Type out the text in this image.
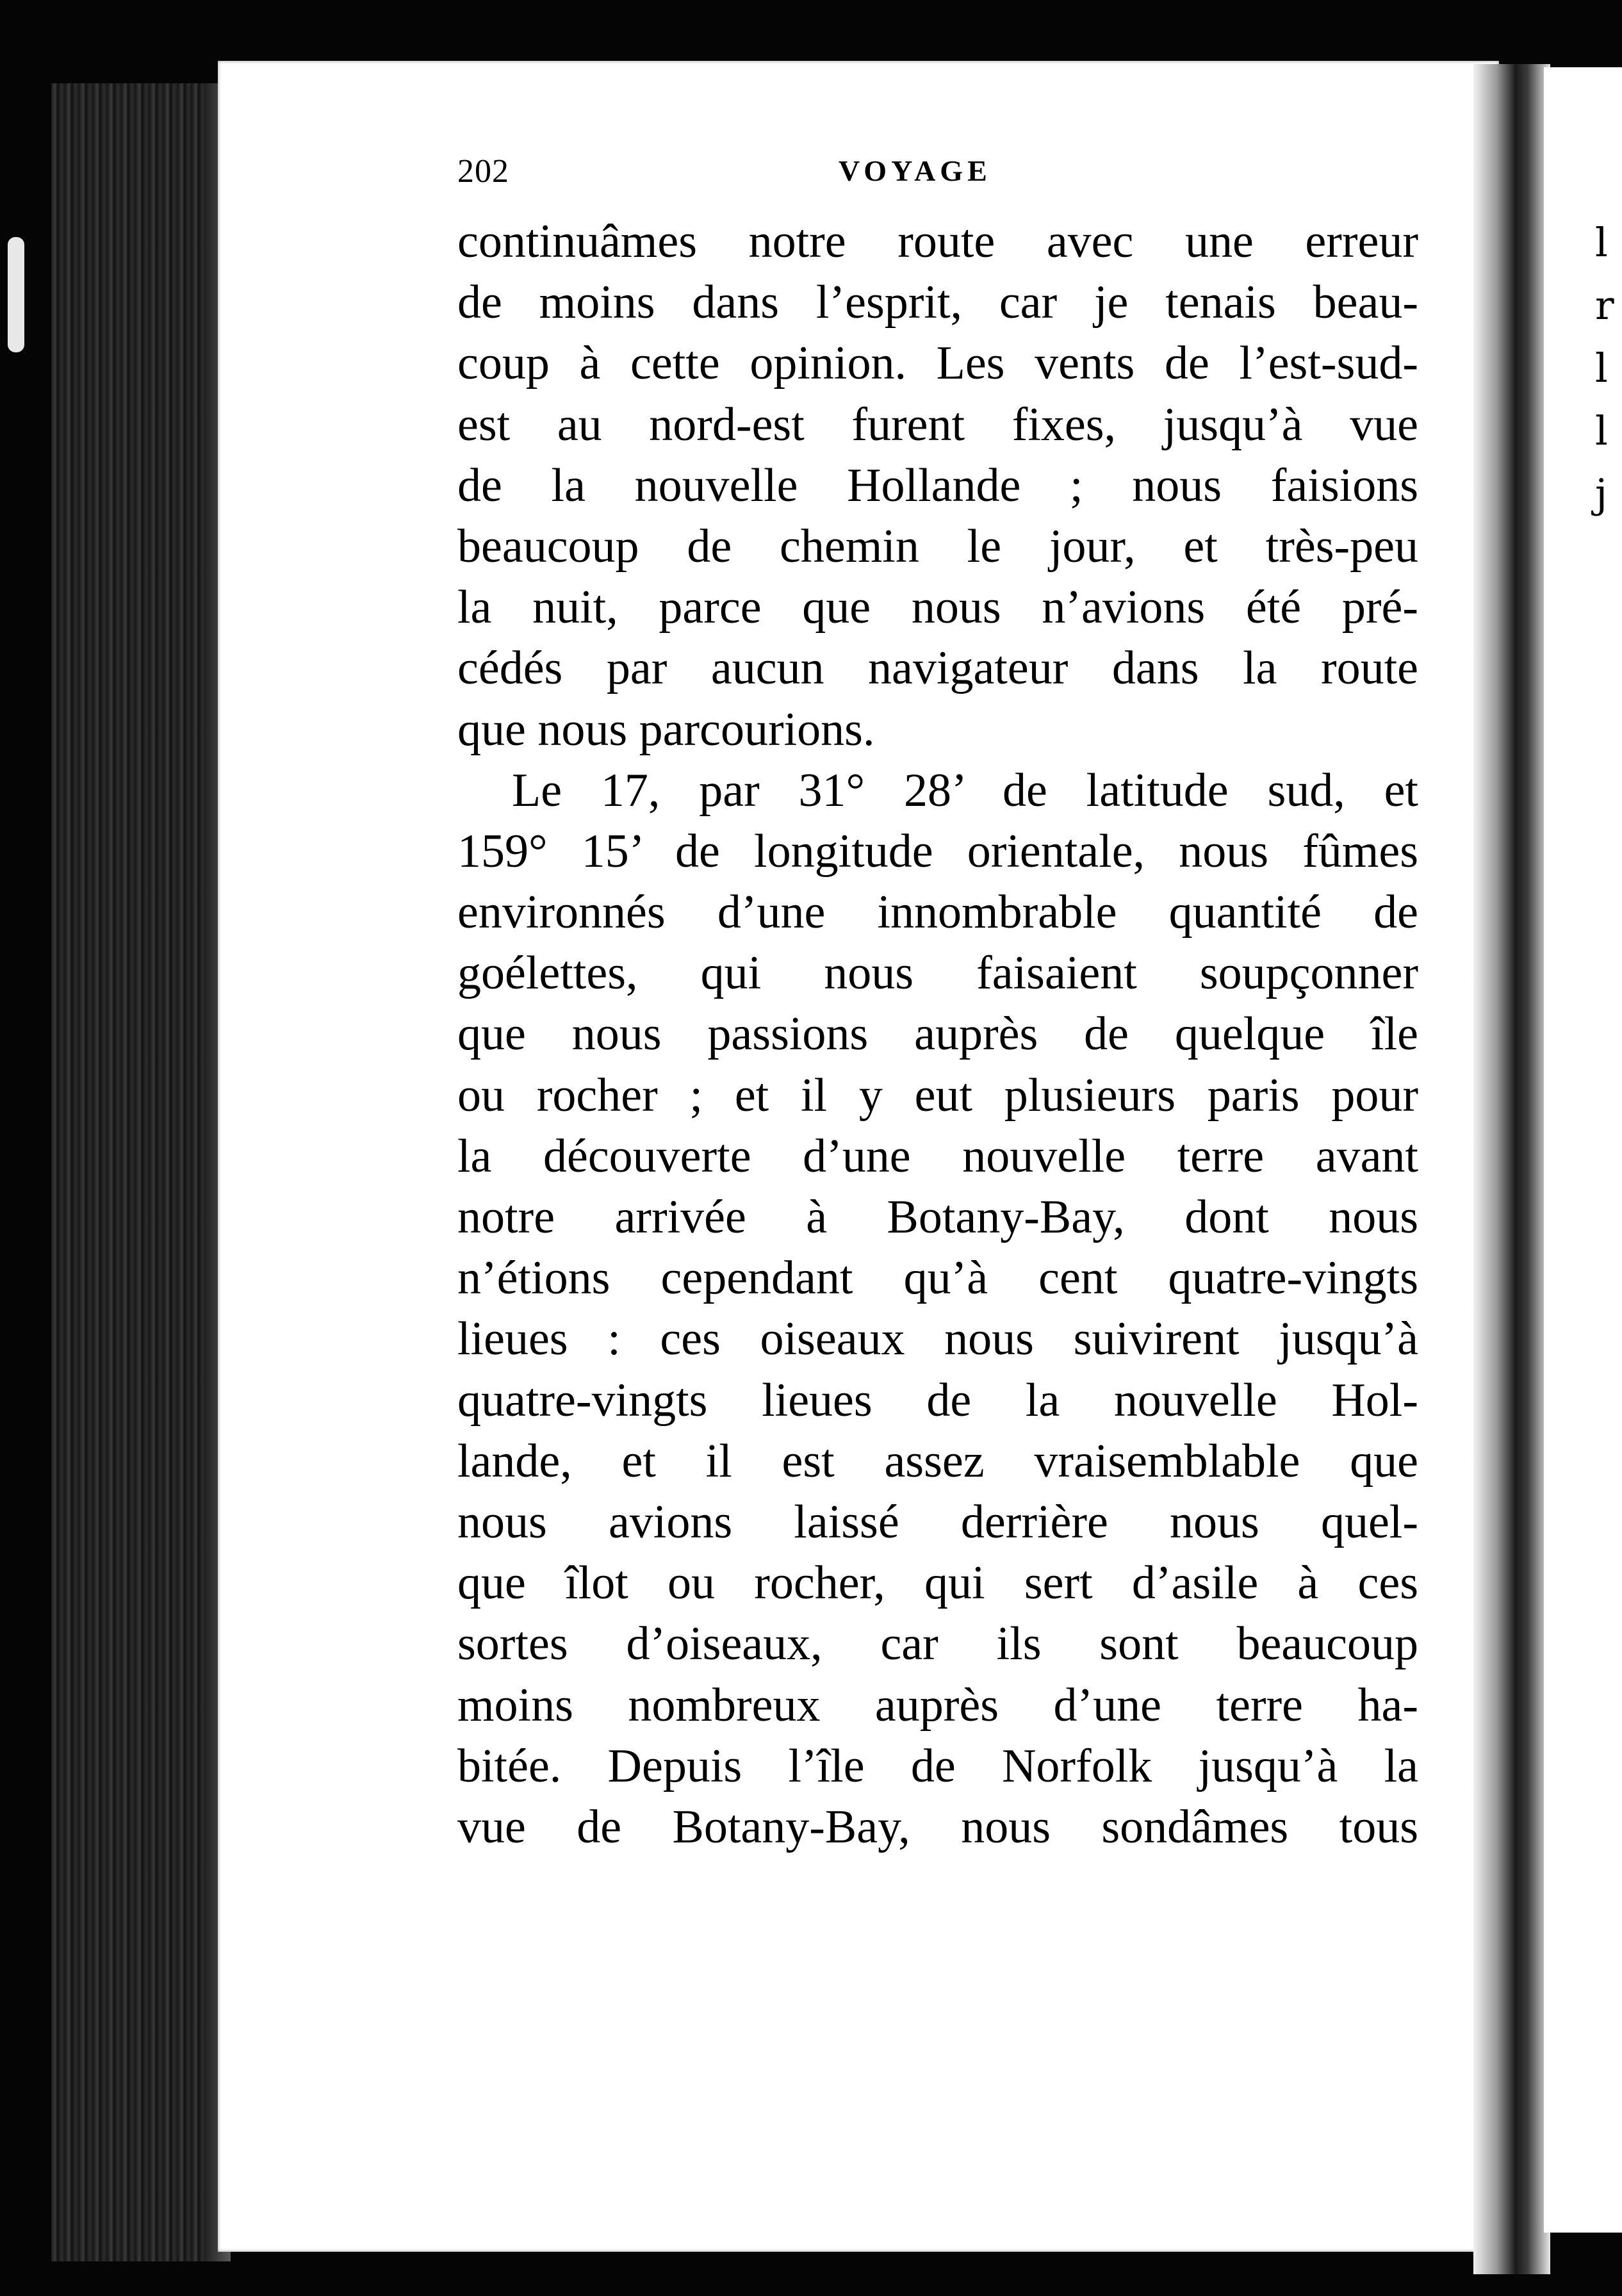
l
r
l
l
j
202	VOYAGE
continuâmes notre route avec une erreur
de moins dans l’esprit, car je tenais beau-
coup à cette opinion. Les vents de l’est-sud-
est au nord-est furent fixes, jusqu’à vue
de la nouvelle Hollande ; nous faisions
beaucoup de chemin le jour, et très-peu
la nuit, parce que nous n’avions été pré-
cédés par aucun navigateur dans la route
que nous parcourions.
Le 17, par 31° 28’ de latitude sud, et
159° 15’ de longitude orientale, nous fûmes
environnés d’une innombrable quantité de
goélettes, qui nous faisaient soupçonner
que nous passions auprès de quelque île
ou rocher ; et il y eut plusieurs paris pour
la découverte d’une nouvelle terre avant
notre arrivée à Botany-Bay, dont nous
n’étions cependant qu’à cent quatre-vingts
lieues : ces oiseaux nous suivirent jusqu’à
quatre-vingts lieues de la nouvelle Hol-
lande, et il est assez vraisemblable que
nous avions laissé derrière nous quel-
que îlot ou rocher, qui sert d’asile à ces
sortes d’oiseaux, car ils sont beaucoup
moins nombreux auprès d’une terre ha-
bitée. Depuis l’île de Norfolk jusqu’à la
vue de Botany-Bay, nous sondâmes tous
